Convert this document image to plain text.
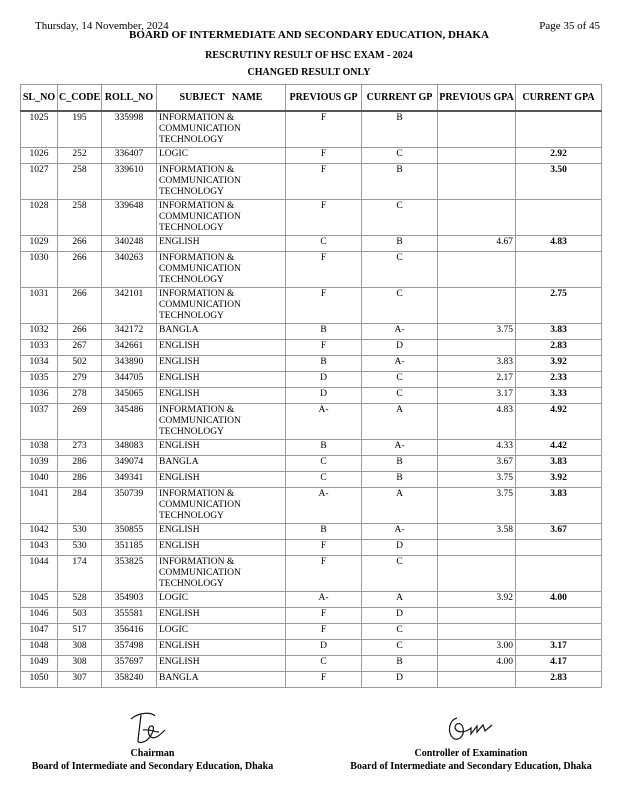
Thursday, 14 November, 2024	Page 35 of 45
BOARD OF INTERMEDIATE AND SECONDARY EDUCATION, DHAKA
RESCRUTINY RESULT OF HSC EXAM - 2024
CHANGED RESULT ONLY
SL_NO	C_CODE	ROLL_NO	SUBJECT   NAME	PREVIOUS GP	CURRENT GP	PREVIOUS GPA	CURRENT GPA
1025	195	335998	INFORMATION &
COMMUNICATION
TECHNOLOGY	F	B		
1026	252	336407	LOGIC	F	C		2.92
1027	258	339610	INFORMATION &
COMMUNICATION
TECHNOLOGY	F	B		3.50
1028	258	339648	INFORMATION &
COMMUNICATION
TECHNOLOGY	F	C		
1029	266	340248	ENGLISH	C	B	4.67	4.83
1030	266	340263	INFORMATION &
COMMUNICATION
TECHNOLOGY	F	C		
1031	266	342101	INFORMATION &
COMMUNICATION
TECHNOLOGY	F	C		2.75
1032	266	342172	BANGLA	B	A-	3.75	3.83
1033	267	342661	ENGLISH	F	D		2.83
1034	502	343890	ENGLISH	B	A-	3.83	3.92
1035	279	344705	ENGLISH	D	C	2.17	2.33
1036	278	345065	ENGLISH	D	C	3.17	3.33
1037	269	345486	INFORMATION &
COMMUNICATION
TECHNOLOGY	A-	A	4.83	4.92
1038	273	348083	ENGLISH	B	A-	4.33	4.42
1039	286	349074	BANGLA	C	B	3.67	3.83
1040	286	349341	ENGLISH	C	B	3.75	3.92
1041	284	350739	INFORMATION &
COMMUNICATION
TECHNOLOGY	A-	A	3.75	3.83
1042	530	350855	ENGLISH	B	A-	3.58	3.67
1043	530	351185	ENGLISH	F	D		
1044	174	353825	INFORMATION &
COMMUNICATION
TECHNOLOGY	F	C		
1045	528	354903	LOGIC	A-	A	3.92	4.00
1046	503	355581	ENGLISH	F	D		
1047	517	356416	LOGIC	F	C		
1048	308	357498	ENGLISH	D	C	3.00	3.17
1049	308	357697	ENGLISH	C	B	4.00	4.17
1050	307	358240	BANGLA	F	D		2.83
Chairman
Board of Intermediate and Secondary Education, Dhaka
Controller of Examination
Board of Intermediate and Secondary Education, Dhaka
